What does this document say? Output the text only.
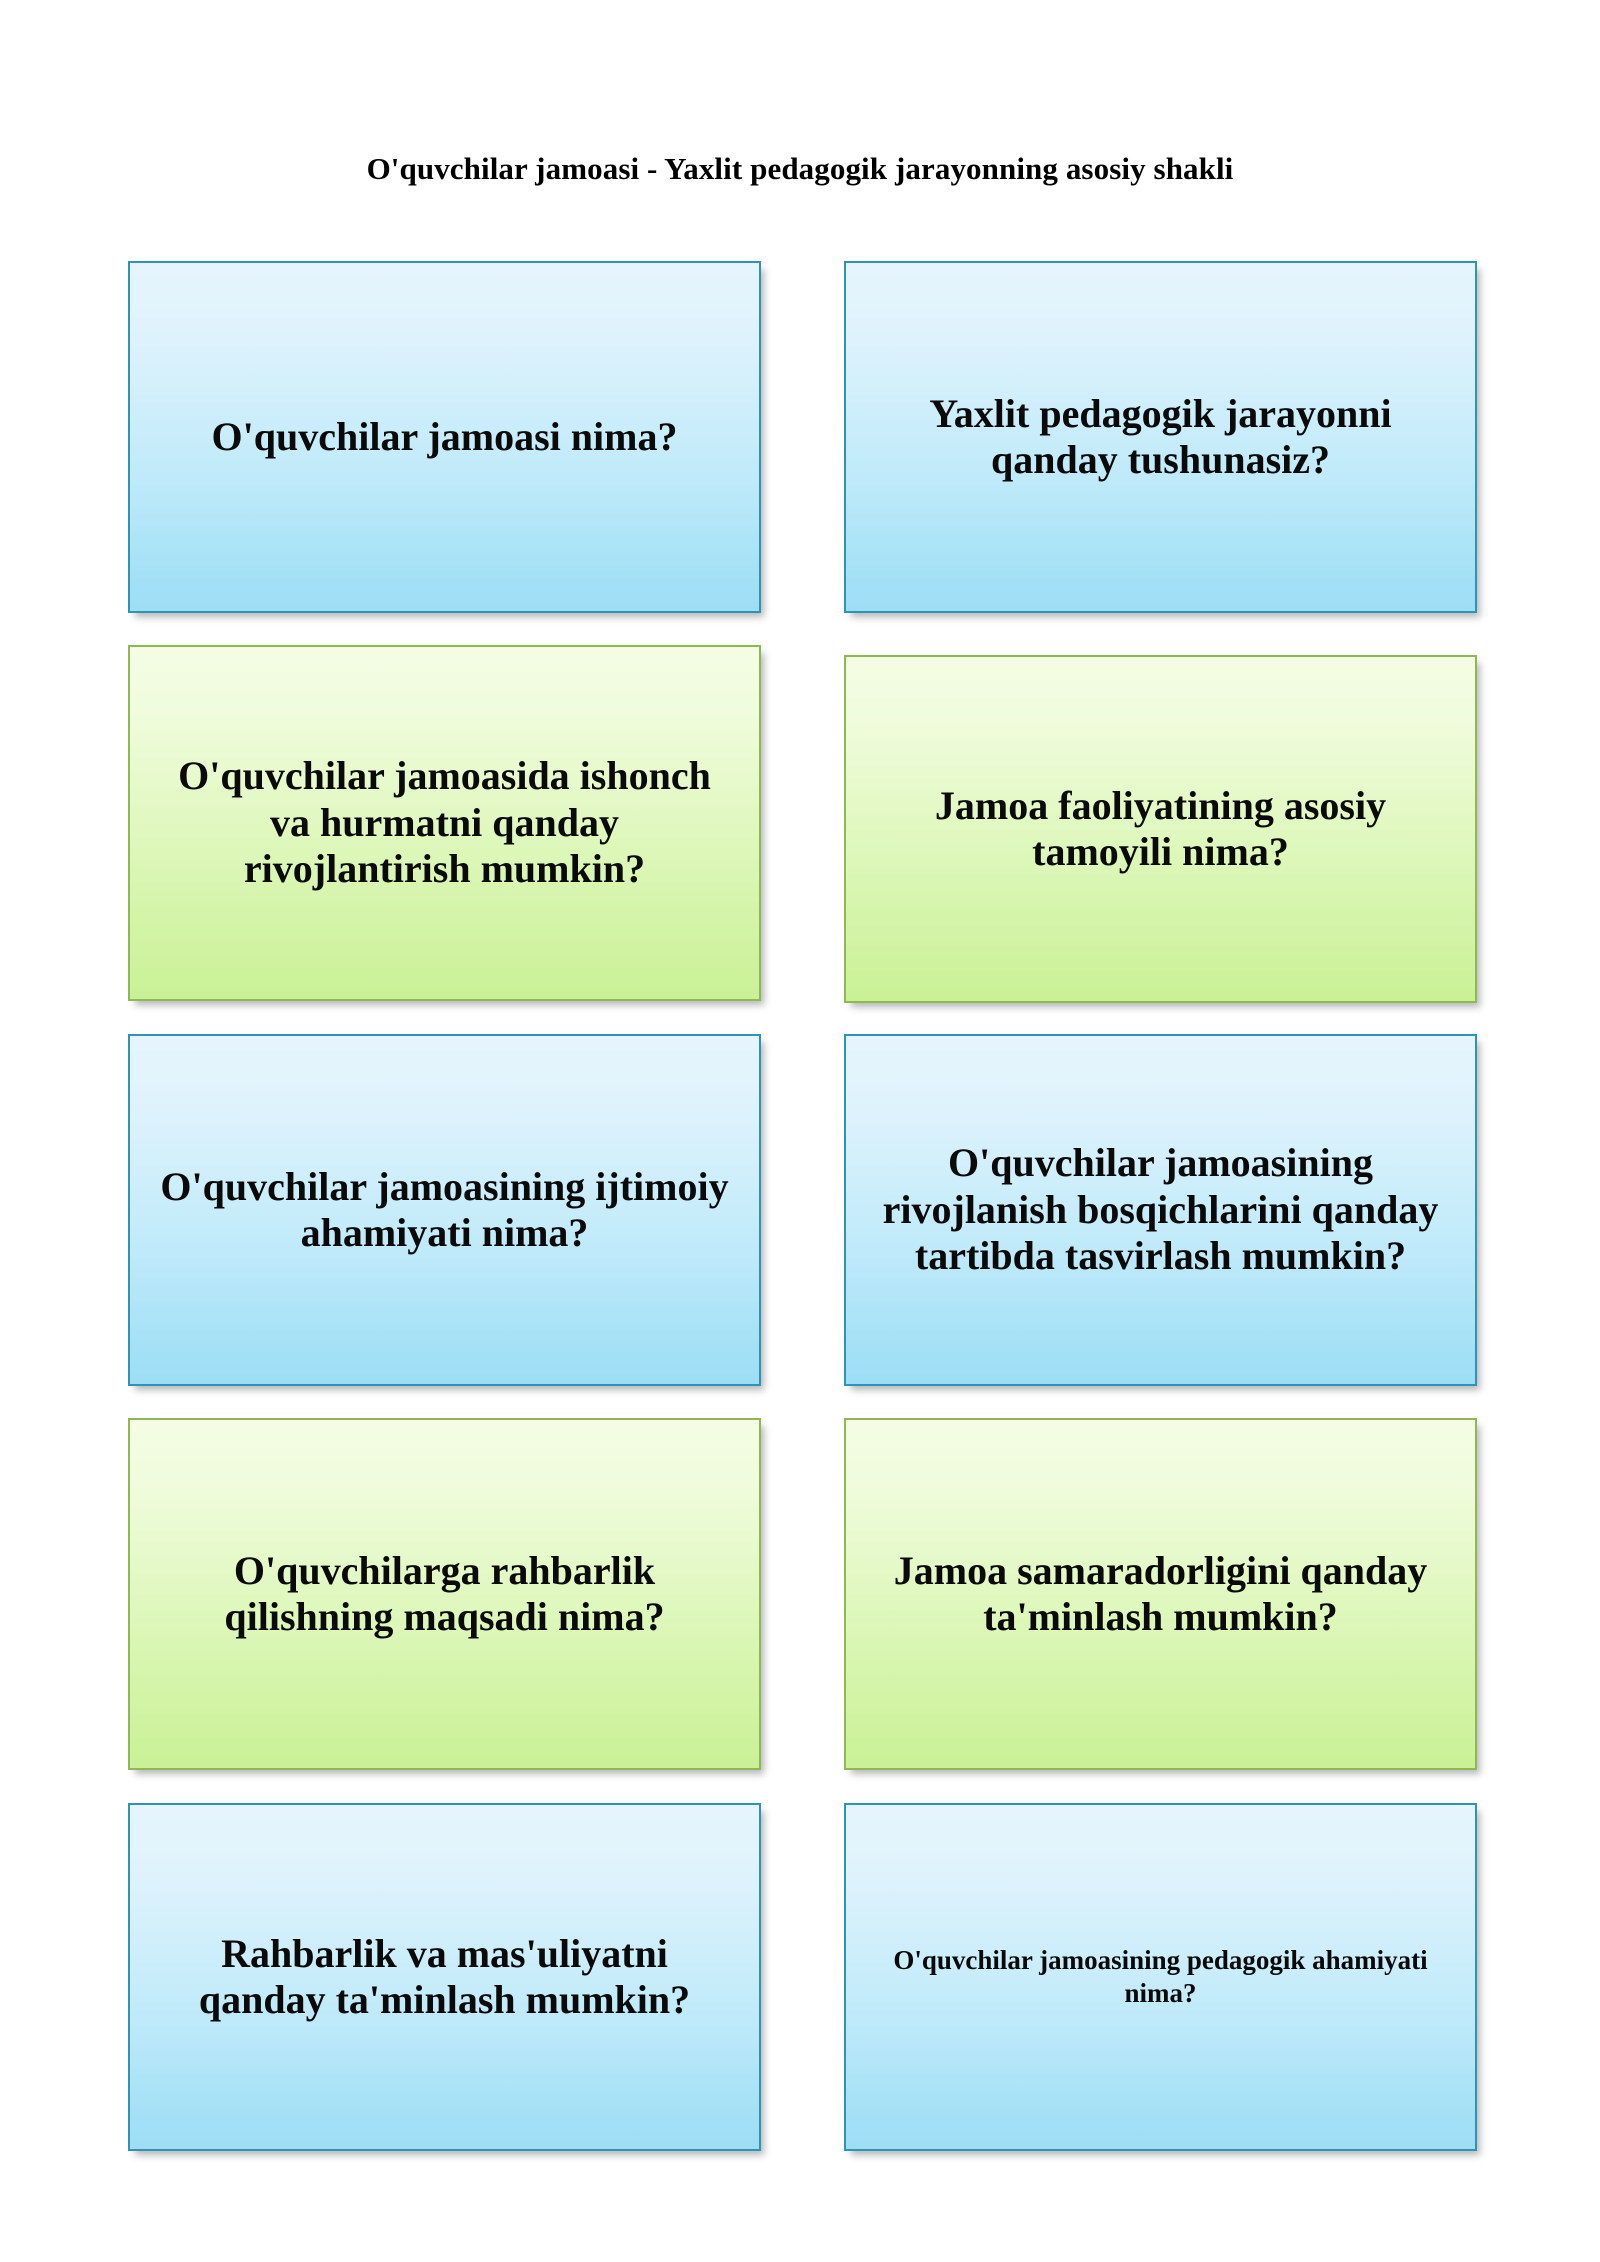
O'quvchilar jamoasi - Yaxlit pedagogik jarayonning asosiy shakli
O'quvchilar jamoasi nima?
Yaxlit pedagogik jarayonni qanday tushunasiz?
O'quvchilar jamoasida ishonch va hurmatni qanday rivojlantirish mumkin?
Jamoa faoliyatining asosiy tamoyili nima?
O'quvchilar jamoasining ijtimoiy ahamiyati nima?
O'quvchilar jamoasining rivojlanish bosqichlarini qanday tartibda tasvirlash mumkin?
O'quvchilarga rahbarlik qilishning maqsadi nima?
Jamoa samaradorligini qanday ta'minlash mumkin?
Rahbarlik va mas'uliyatni qanday ta'minlash mumkin?
O'quvchilar jamoasining pedagogik ahamiyati nima?
